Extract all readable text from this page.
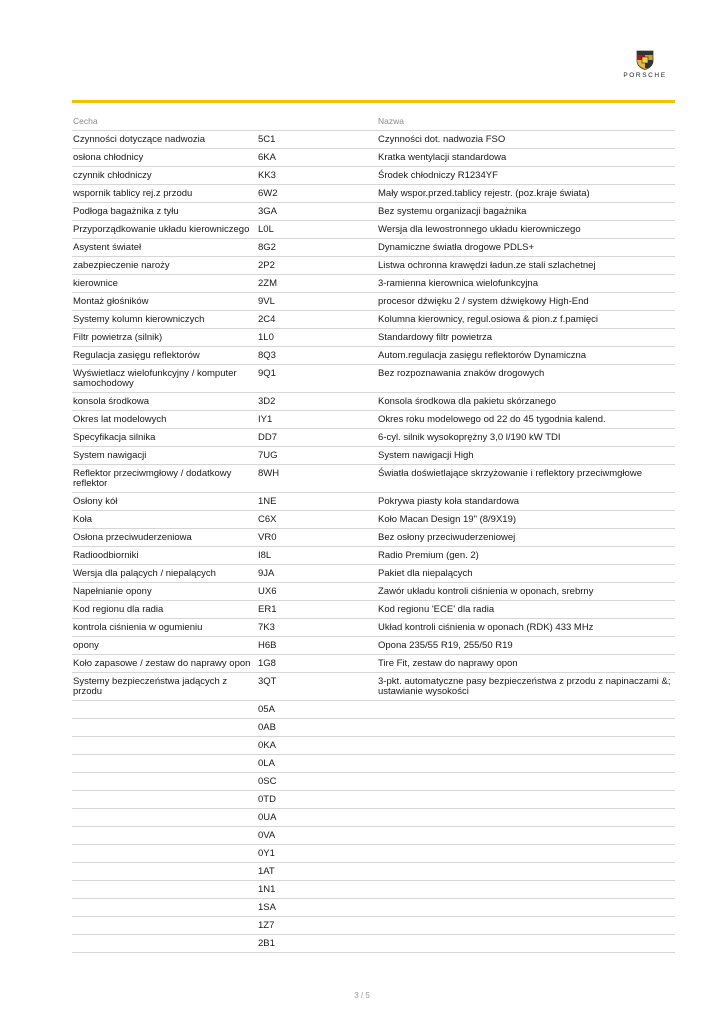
PORSCHE
Cecha		Nazwa
Czynności dotyczące nadwozia	5C1	Czynności dot. nadwozia FSO
osłona chłodnicy	6KA	Kratka wentylacji standardowa
czynnik chłodniczy	KK3	Środek chłodniczy R1234YF
wspornik tablicy rej.z przodu	6W2	Mały wspor.przed.tablicy rejestr. (poz.kraje świata)
Podłoga bagażnika z tyłu	3GA	Bez systemu organizacji bagażnika
Przyporządkowanie układu kierowniczego	L0L	Wersja dla lewostronnego układu kierowniczego
Asystent świateł	8G2	Dynamiczne światła drogowe PDLS+
zabezpieczenie naroży	2P2	Listwa ochronna krawędzi ładun.ze stali szlachetnej
kierownice	2ZM	3-ramienna kierownica wielofunkcyjna
Montaż głośników	9VL	procesor dźwięku 2 / system dźwiękowy High-End
Systemy kolumn kierowniczych	2C4	Kolumna kierownicy, regul.osiowa & pion.z f.pamięci
Filtr powietrza (silnik)	1L0	Standardowy filtr powietrza
Regulacja zasięgu reflektorów	8Q3	Autom.regulacja zasięgu reflektorów Dynamiczna
Wyświetlacz wielofunkcyjny / komputer samochodowy	9Q1	Bez rozpoznawania znaków drogowych
konsola środkowa	3D2	Konsola środkowa dla pakietu skórzanego
Okres lat modelowych	IY1	Okres roku modelowego od 22 do 45 tygodnia kalend.
Specyfikacja silnika	DD7	6-cyl. silnik wysokoprężny 3,0 l/190 kW TDI
System nawigacji	7UG	System nawigacji High
Reflektor przeciwmgłowy / dodatkowy reflektor	8WH	Światła doświetlające skrzyżowanie i reflektory przeciwmgłowe
Osłony kół	1NE	Pokrywa piasty koła standardowa
Koła	C6X	Koło Macan Design 19" (8/9X19)
Osłona przeciwuderzeniowa	VR0	Bez osłony przeciwuderzeniowej
Radioodbiorniki	I8L	Radio Premium (gen. 2)
Wersja dla palących / niepalących	9JA	Pakiet dla niepalących
Napełnianie opony	UX6	Zawór układu kontroli ciśnienia w oponach, srebrny
Kod regionu dla radia	ER1	Kod regionu 'ECE' dla radia
kontrola ciśnienia w ogumieniu	7K3	Układ kontroli ciśnienia w oponach (RDK) 433 MHz
opony	H6B	Opona 235/55 R19, 255/50 R19
Koło zapasowe / zestaw do naprawy opon	1G8	Tire Fit, zestaw do naprawy opon
Systemy bezpieczeństwa jadących z przodu	3QT	3-pkt. automatyczne pasy bezpieczeństwa z przodu z napinaczami &; ustawianie wysokości
	05A	
	0AB	
	0KA	
	0LA	
	0SC	
	0TD	
	0UA	
	0VA	
	0Y1	
	1AT	
	1N1	
	1SA	
	1Z7	
	2B1	
3 / 5
